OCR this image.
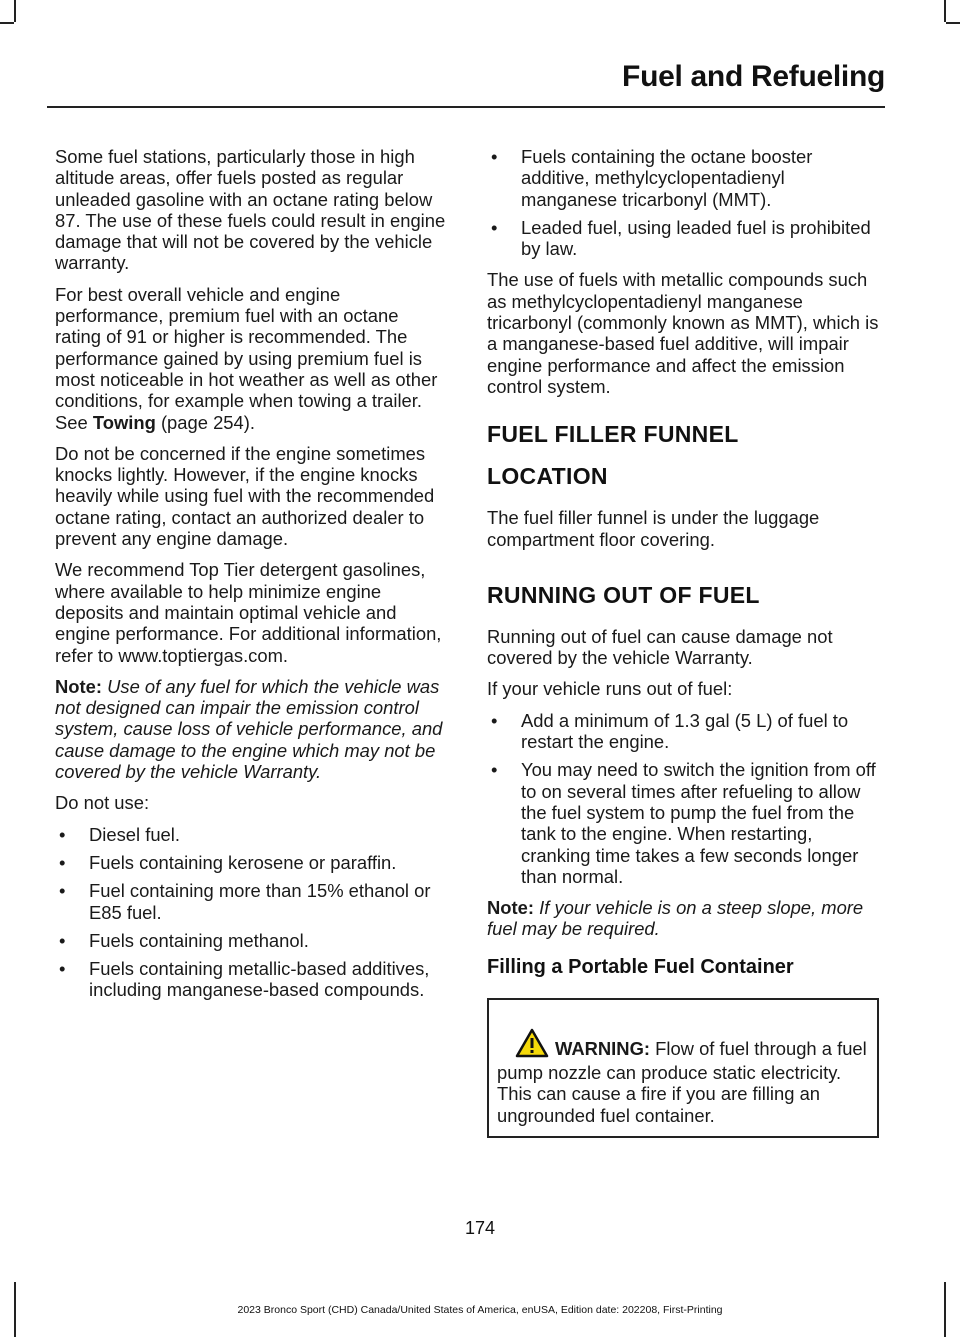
Fuel and Refueling

Some fuel stations, particularly those in high altitude areas, offer fuels posted as regular unleaded gasoline with an octane rating below 87. The use of these fuels could result in engine damage that will not be covered by the vehicle warranty.

For best overall vehicle and engine performance, premium fuel with an octane rating of 91 or higher is recommended. The performance gained by using premium fuel is most noticeable in hot weather as well as other conditions, for example when towing a trailer. See Towing (page 254).

Do not be concerned if the engine sometimes knocks lightly. However, if the engine knocks heavily while using fuel with the recommended octane rating, contact an authorized dealer to prevent any engine damage.

We recommend Top Tier detergent gasolines, where available to help minimize engine deposits and maintain optimal vehicle and engine performance. For additional information, refer to www.toptiergas.com.

Note: Use of any fuel for which the vehicle was not designed can impair the emission control system, cause loss of vehicle performance, and cause damage to the engine which may not be covered by the vehicle Warranty.

Do not use:

• Diesel fuel.
• Fuels containing kerosene or paraffin.
• Fuel containing more than 15% ethanol or E85 fuel.
• Fuels containing methanol.
• Fuels containing metallic-based additives, including manganese-based compounds.
• Fuels containing the octane booster additive, methylcyclopentadienyl manganese tricarbonyl (MMT).
• Leaded fuel, using leaded fuel is prohibited by law.

The use of fuels with metallic compounds such as methylcyclopentadienyl manganese tricarbonyl (commonly known as MMT), which is a manganese-based fuel additive, will impair engine performance and affect the emission control system.

FUEL FILLER FUNNEL
LOCATION

The fuel filler funnel is under the luggage compartment floor covering.

RUNNING OUT OF FUEL

Running out of fuel can cause damage not covered by the vehicle Warranty.

If your vehicle runs out of fuel:

• Add a minimum of 1.3 gal (5 L) of fuel to restart the engine.
• You may need to switch the ignition from off to on several times after refueling to allow the fuel system to pump the fuel from the tank to the engine. When restarting, cranking time takes a few seconds longer than normal.

Note: If your vehicle is on a steep slope, more fuel may be required.

Filling a Portable Fuel Container
WARNING: Flow of fuel through a fuel pump nozzle can produce static electricity. This can cause a fire if you are filling an ungrounded fuel container.
174
2023 Bronco Sport (CHD) Canada/United States of America, enUSA, Edition date: 202208, First-Printing
